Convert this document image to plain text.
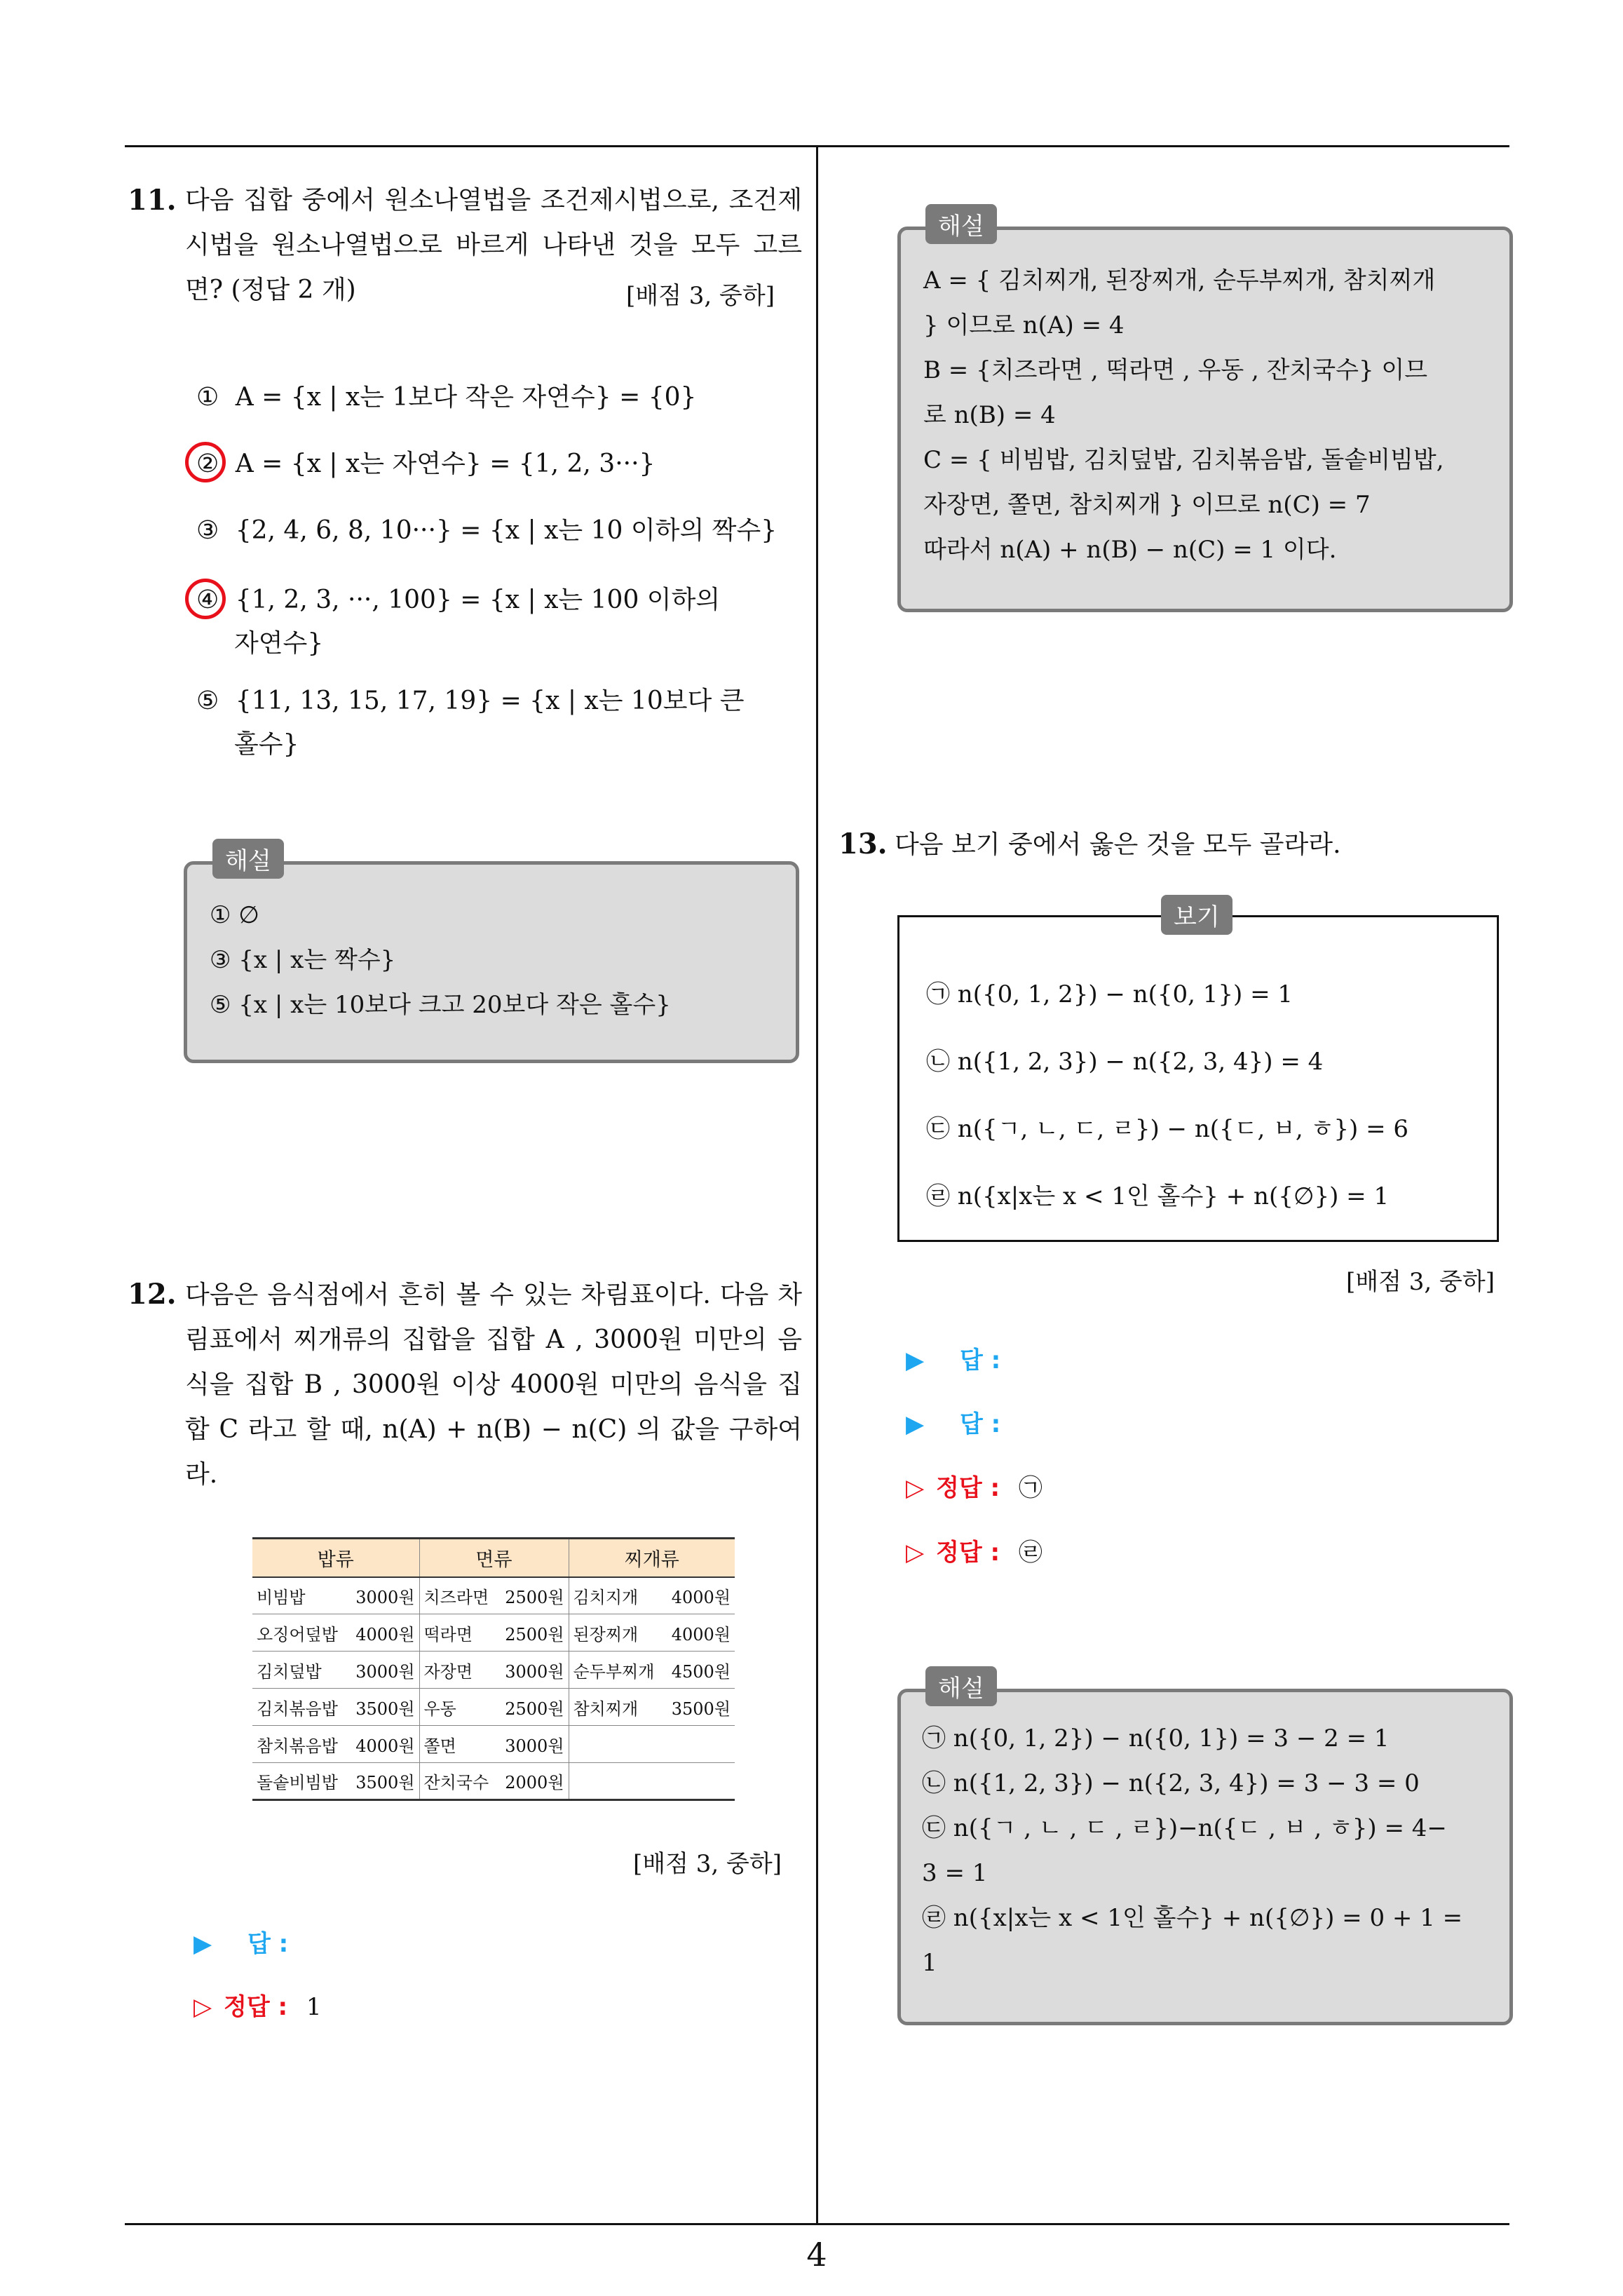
4
11. 다음 집합 중에서 원소나열법을 조건제시법으로, 조건제시법을 원소나열법으로 바르게 나타낸 것을 모두 고르면? (정답 2 개)	[배점 3, 중하]
① A = {x | x는 1보다 작은 자연수} = {0}
② A = {x | x는 자연수} = {1, 2, 3···}
③ {2, 4, 6, 8, 10···} = {x | x는 10 이하의 짝수}
④ {1, 2, 3, ···, 100} = {x | x는 100 이하의
자연수}
⑤ {11, 13, 15, 17, 19} = {x | x는 10보다 큰
홀수}
① ∅
③ {x | x는 짝수}
⑤ {x | x는 10보다 크고 20보다 작은 홀수}
해설
12. 다음은 음식점에서 흔히 볼 수 있는 차림표이다. 다음 차림표에서 찌개류의 집합을 집합 A , 3000원 미만의 음식을 집합 B , 3000원 이상 4000원 미만의 음식을 집합 C 라고 할 때, n(A) + n(B) − n(C) 의 값을 구하여라.
밥류	면류	찌개류
비빔밥 3000원	치즈라면 2500원	김치지개 4000원

오징어덮밥 4000원	떡라면 2500원	된장찌개 4000원

김치덮밥 3000원	자장면 3000원	순두부찌개 4500원

김치볶음밥 3500원	우동 2500원	참치찌개 3500원

참치볶음밥 4000원	쫄면 3000원	

돌솥비빔밥 3500원	잔치국수 2000원	

[배점 3, 중하]
▶ 답 :
▷ 정답 : 1
A = { 김치찌개, 된장찌개, 순두부찌개, 참치찌개
} 이므로 n(A) = 4
B = {치즈라면 , 떡라면 , 우동 , 잔치국수} 이므
로 n(B) = 4
C = { 비빔밥, 김치덮밥, 김치볶음밥, 돌솥비빔밥,
자장면, 쫄면, 참치찌개 } 이므로 n(C) = 7
따라서 n(A) + n(B) − n(C) = 1 이다.
해설
13. 다음 보기 중에서 옳은 것을 모두 골라라.
㉠ n({0, 1, 2}) − n({0, 1}) = 1
㉡ n({1, 2, 3}) − n({2, 3, 4}) = 4
㉢ n({ㄱ, ㄴ, ㄷ, ㄹ}) − n({ㄷ, ㅂ, ㅎ}) = 6
㉣ n({x|x는 x < 1인 홀수} + n({∅}) = 1
보기
[배점 3, 중하]
▶ 답 :
▶ 답 :
▷ 정답 : ㉠
▷ 정답 : ㉣
㉠ n({0, 1, 2}) − n({0, 1}) = 3 − 2 = 1
㉡ n({1, 2, 3}) − n({2, 3, 4}) = 3 − 3 = 0
㉢ n({ㄱ , ㄴ , ㄷ , ㄹ})−n({ㄷ , ㅂ , ㅎ}) = 4−
3 = 1
㉣ n({x|x는 x < 1인 홀수} + n({∅}) = 0 + 1 =
1
해설
